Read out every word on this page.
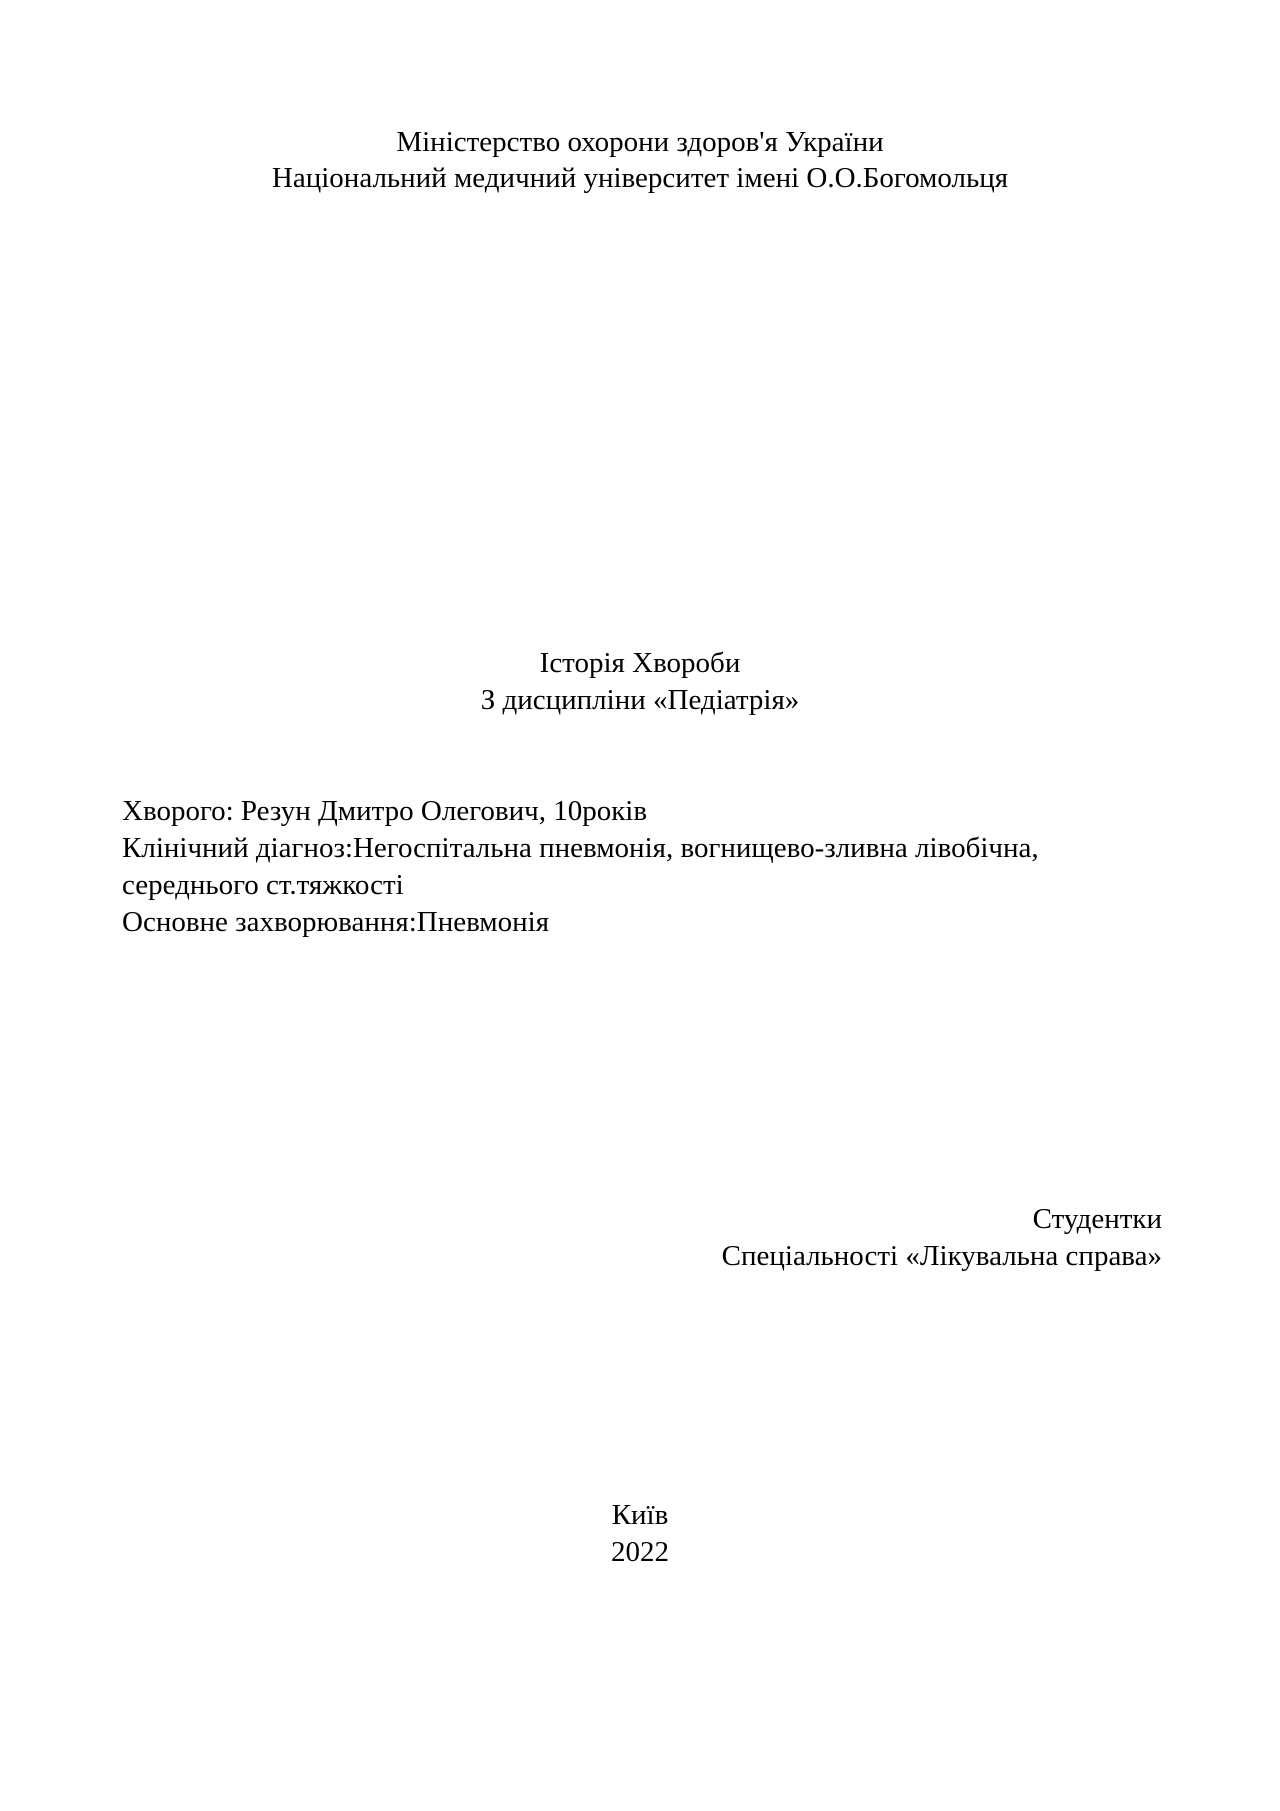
Міністерство охорони здоров'я України
Національний медичний університет імені О.О.Богомольця
Історія Хвороби
З дисципліни «Педіатрія»
Хворого: Резун Дмитро Олегович, 10років
Клінічний діагноз:Негоспітальна пневмонія, вогнищево-зливна лівобічна,
середнього ст.тяжкості
Основне захворювання:Пневмонія
Студентки
Спеціальності «Лікувальна справа»
Київ
2022
